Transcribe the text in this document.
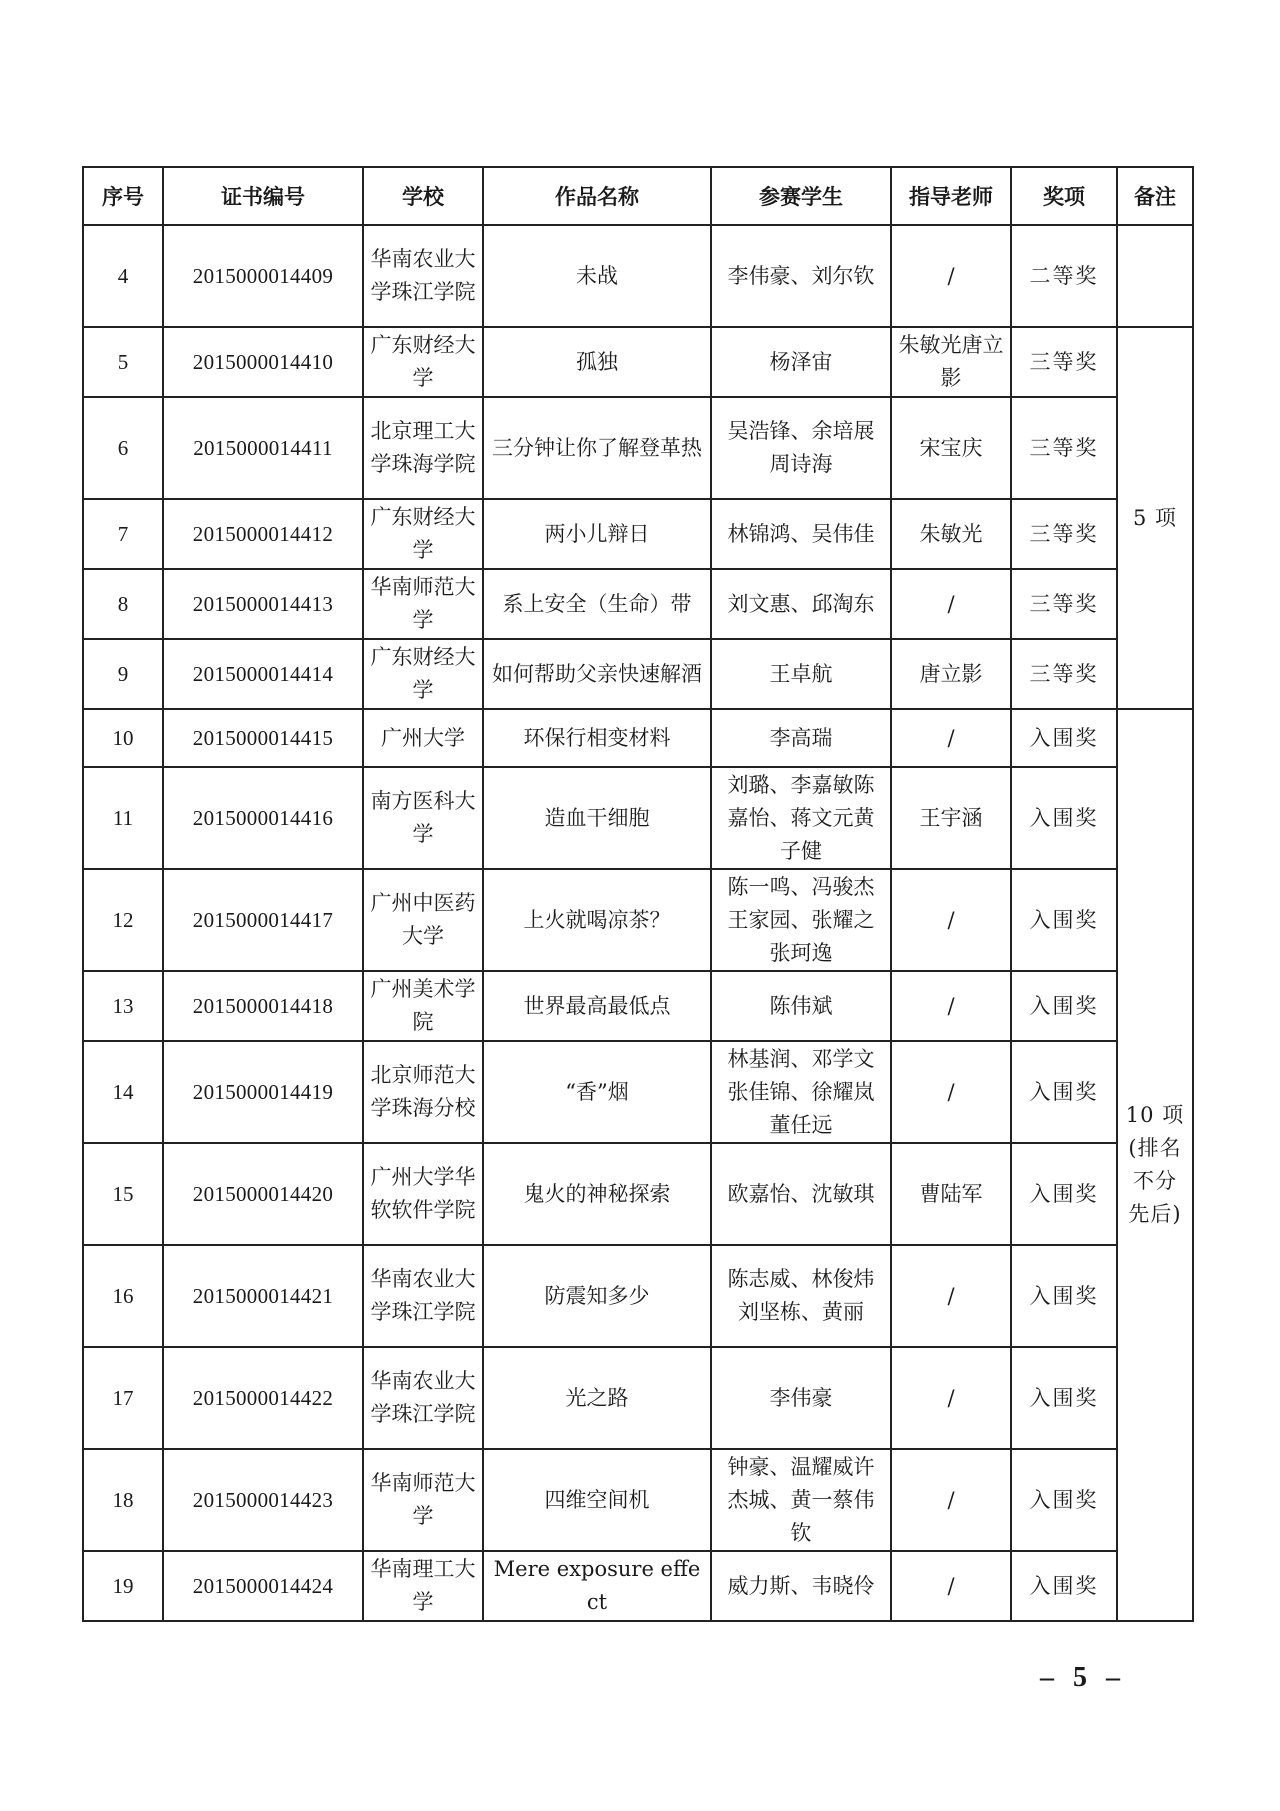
序号	证书编号	学校	作品名称	参赛学生	指导老师	奖项	备注
4	2015000014409	华南农业大学珠江学院	未战	李伟豪、刘尔钦	/	二等奖	
5	2015000014410	广东财经大学	孤独	杨泽宙	朱敏光唐立影	三等奖	5 项
6	2015000014411	北京理工大学珠海学院	三分钟让你了解登革热	吴浩锋、余培展周诗海	宋宝庆	三等奖	
7	2015000014412	广东财经大学	两小儿辩日	林锦鸿、吴伟佳	朱敏光	三等奖	
8	2015000014413	华南师范大学	系上安全（生命）带	刘文惠、邱淘东	/	三等奖	
9	2015000014414	广东财经大学	如何帮助父亲快速解酒	王卓航	唐立影	三等奖	
10	2015000014415	广州大学	环保行相变材料	李高瑞	/	入围奖	10 项(排名不分先后)
11	2015000014416	南方医科大学	造血干细胞	刘璐、李嘉敏陈嘉怡、蒋文元黄子健	王宇涵	入围奖	
12	2015000014417	广州中医药大学	上火就喝凉茶？	陈一鸣、冯骏杰王家园、张耀之张珂逸	/	入围奖	
13	2015000014418	广州美术学院	世界最高最低点	陈伟斌	/	入围奖	
14	2015000014419	北京师范大学珠海分校	“香”烟	林基润、邓学文张佳锦、徐耀岚董任远	/	入围奖	
15	2015000014420	广州大学华软软件学院	鬼火的神秘探索	欧嘉怡、沈敏琪	曹陆军	入围奖	
16	2015000014421	华南农业大学珠江学院	防震知多少	陈志威、林俊炜刘坚栋、黄丽	/	入围奖	
17	2015000014422	华南农业大学珠江学院	光之路	李伟豪	/	入围奖	
18	2015000014423	华南师范大学	四维空间机	钟豪、温耀威许杰城、黄一蔡伟钦	/	入围奖	
19	2015000014424	华南理工大学	Mere exposure effect	威力斯、韦晓伶	/	入围奖	
– 5 –
